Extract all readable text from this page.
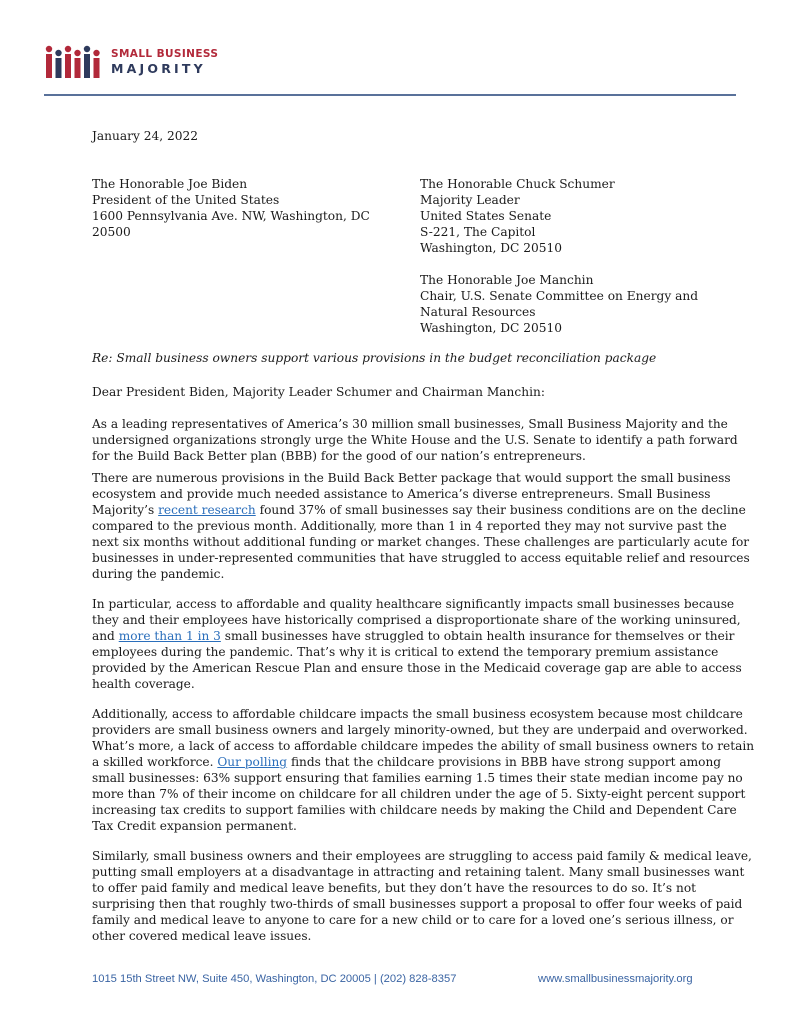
SMALL BUSINESS
MAJORITY
January 24, 2022
The Honorable Joe Biden
President of the United States
1600 Pennsylvania Ave. NW, Washington, DC
20500
The Honorable Chuck Schumer
Majority Leader
United States Senate
S-221, The Capitol
Washington, DC 20510
The Honorable Joe Manchin
Chair, U.S. Senate Committee on Energy and
Natural Resources
Washington, DC 20510
Re: Small business owners support various provisions in the budget reconciliation package
Dear President Biden, Majority Leader Schumer and Chairman Manchin:
As a leading representatives of America’s 30 million small businesses, Small Business Majority and the
undersigned organizations strongly urge the White House and the U.S. Senate to identify a path forward
for the Build Back Better plan (BBB) for the good of our nation’s entrepreneurs.
There are numerous provisions in the Build Back Better package that would support the small business
ecosystem and provide much needed assistance to America’s diverse entrepreneurs. Small Business
Majority’s recent research found 37% of small businesses say their business conditions are on the decline
compared to the previous month. Additionally, more than 1 in 4 reported they may not survive past the
next six months without additional funding or market changes. These challenges are particularly acute for
businesses in under-represented communities that have struggled to access equitable relief and resources
during the pandemic.
In particular, access to affordable and quality healthcare significantly impacts small businesses because
they and their employees have historically comprised a disproportionate share of the working uninsured,
and more than 1 in 3 small businesses have struggled to obtain health insurance for themselves or their
employees during the pandemic. That’s why it is critical to extend the temporary premium assistance
provided by the American Rescue Plan and ensure those in the Medicaid coverage gap are able to access
health coverage.
Additionally, access to affordable childcare impacts the small business ecosystem because most childcare
providers are small business owners and largely minority-owned, but they are underpaid and overworked.
What’s more, a lack of access to affordable childcare impedes the ability of small business owners to retain
a skilled workforce. Our polling finds that the childcare provisions in BBB have strong support among
small businesses: 63% support ensuring that families earning 1.5 times their state median income pay no
more than 7% of their income on childcare for all children under the age of 5. Sixty-eight percent support
increasing tax credits to support families with childcare needs by making the Child and Dependent Care
Tax Credit expansion permanent.
Similarly, small business owners and their employees are struggling to access paid family & medical leave,
putting small employers at a disadvantage in attracting and retaining talent. Many small businesses want
to offer paid family and medical leave benefits, but they don’t have the resources to do so. It’s not
surprising then that roughly two-thirds of small businesses support a proposal to offer four weeks of paid
family and medical leave to anyone to care for a new child or to care for a loved one’s serious illness, or
other covered medical leave issues.
1015 15th Street NW, Suite 450, Washington, DC 20005 | (202) 828-8357	www.smallbusinessmajority.org
